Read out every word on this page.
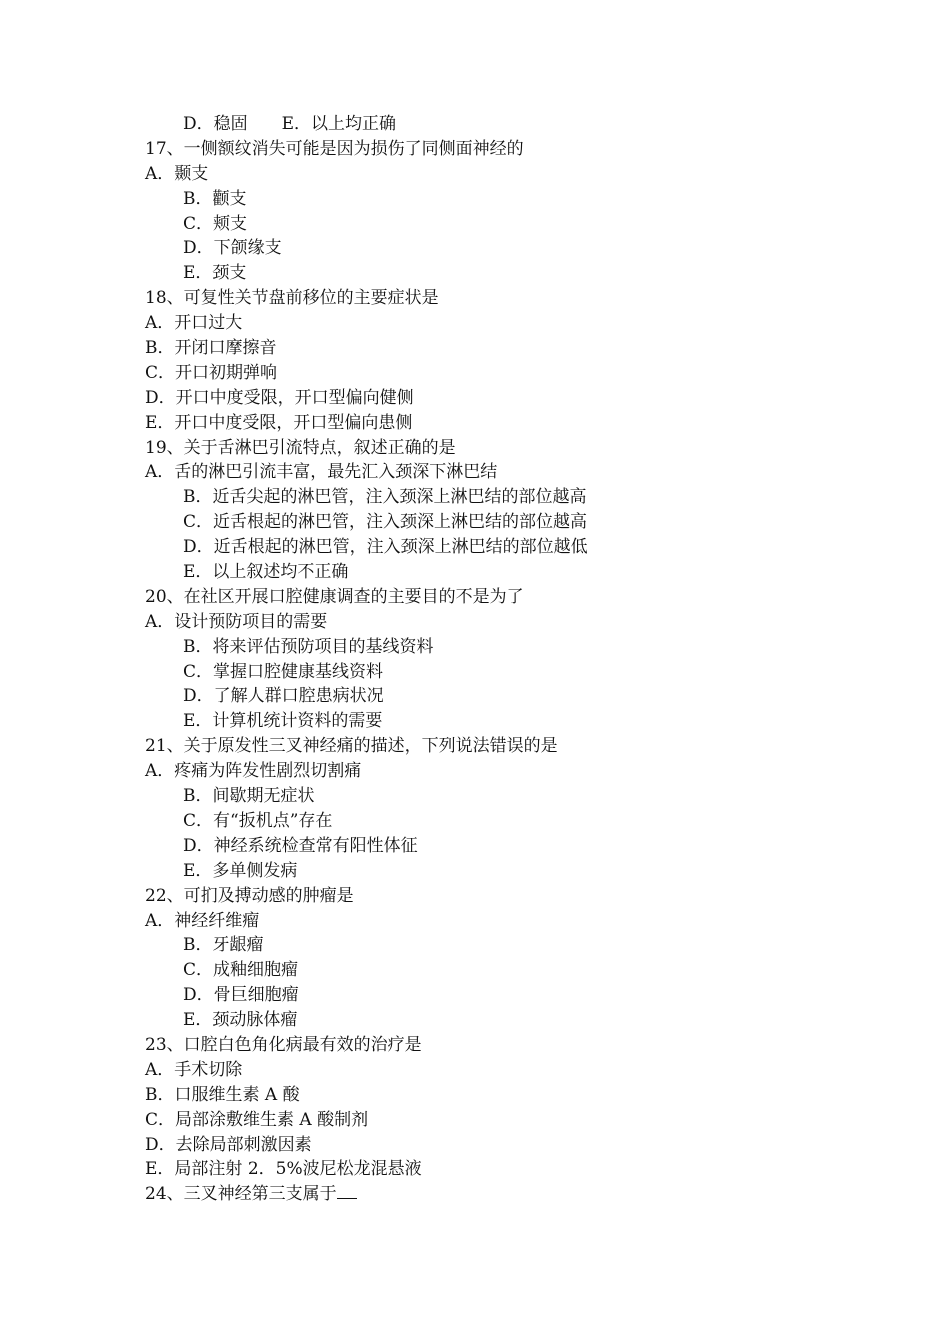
D．稳固　　E．以上均正确
17、一侧额纹消失可能是因为损伤了同侧面神经的
A．颞支
B．颧支
C．颊支
D．下颌缘支
E．颈支
18、可复性关节盘前移位的主要症状是
A．开口过大
B．开闭口摩擦音
C．开口初期弹响
D．开口中度受限，开口型偏向健侧
E．开口中度受限，开口型偏向患侧
19、关于舌淋巴引流特点，叙述正确的是
A．舌的淋巴引流丰富，最先汇入颈深下淋巴结
B．近舌尖起的淋巴管，注入颈深上淋巴结的部位越高
C．近舌根起的淋巴管，注入颈深上淋巴结的部位越高
D．近舌根起的淋巴管，注入颈深上淋巴结的部位越低
E．以上叙述均不正确
20、在社区开展口腔健康调查的主要目的不是为了
A．设计预防项目的需要
B．将来评估预防项目的基线资料
C．掌握口腔健康基线资料
D．了解人群口腔患病状况
E．计算机统计资料的需要
21、关于原发性三叉神经痛的描述，下列说法错误的是
A．疼痛为阵发性剧烈切割痛
B．间歇期无症状
C．有“扳机点”存在
D．神经系统检查常有阳性体征
E．多单侧发病
22、可扪及搏动感的肿瘤是
A．神经纤维瘤
B．牙龈瘤
C．成釉细胞瘤
D．骨巨细胞瘤
E．颈动脉体瘤
23、口腔白色角化病最有效的治疗是
A．手术切除
B．口服维生素 A 酸
C．局部涂敷维生素 A 酸制剂
D．去除局部刺激因素
E．局部注射 2．5%波尼松龙混悬液
24、三叉神经第三支属于
